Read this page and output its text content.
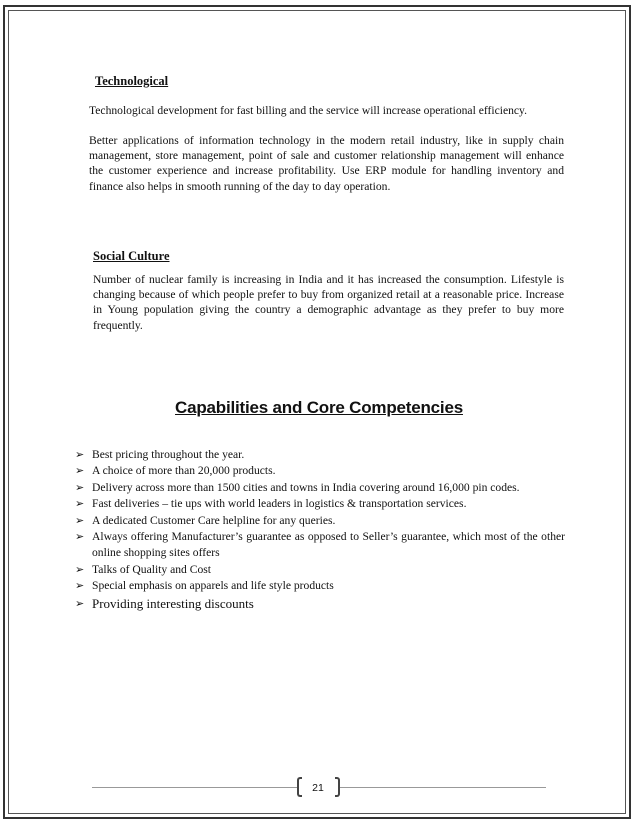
Technological

Technological development for fast billing and the service will increase operational efficiency.

Better applications of information technology in the modern retail industry, like in supply chain management, store management, point of sale and customer relationship management will enhance the customer experience and increase profitability. Use ERP module for handling inventory and finance also helps in smooth running of the day to day operation.

Social Culture

Number of nuclear family is increasing in India and it has increased the consumption. Lifestyle is changing because of which people prefer to buy from organized retail at a reasonable price. Increase in Young population giving the country a demographic advantage as they prefer to buy more frequently.

Capabilities and Core Competencies
➢ Best pricing throughout the year.
➢ A choice of more than 20,000 products.
➢ Delivery across more than 1500 cities and towns in India covering around 16,000 pin codes.
➢ Fast deliveries – tie ups with world leaders in logistics & transportation services.
➢ A dedicated Customer Care helpline for any queries.
➢ Always offering Manufacturer’s guarantee as opposed to Seller’s guarantee, which most of the other online shopping sites offers
➢ Talks of Quality and Cost
➢ Special emphasis on apparels and life style products
➢ Providing interesting discounts
21
